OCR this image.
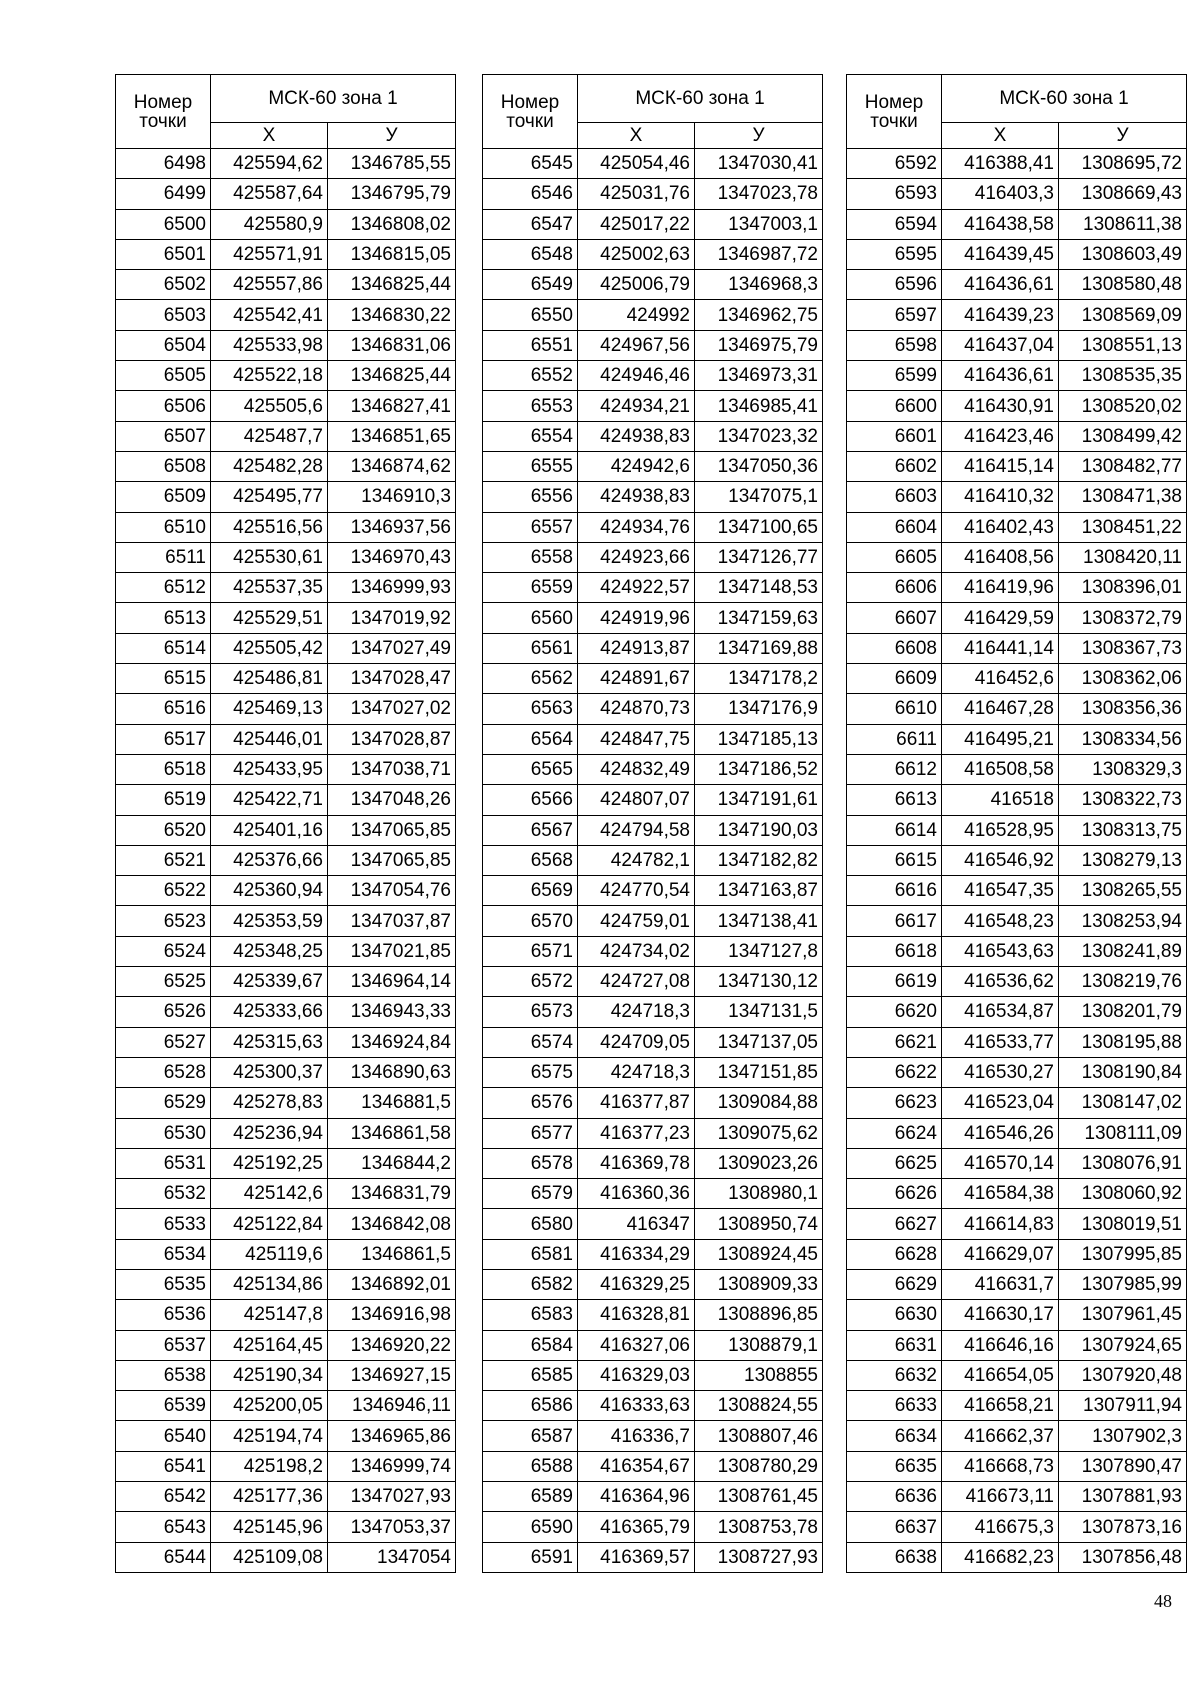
Номер точки	МСК-60 зона 1	
	Х	У
6498	425594,62	1346785,55
6499	425587,64	1346795,79
6500	425580,9	1346808,02
6501	425571,91	1346815,05
6502	425557,86	1346825,44
6503	425542,41	1346830,22
6504	425533,98	1346831,06
6505	425522,18	1346825,44
6506	425505,6	1346827,41
6507	425487,7	1346851,65
6508	425482,28	1346874,62
6509	425495,77	1346910,3
6510	425516,56	1346937,56
6511	425530,61	1346970,43
6512	425537,35	1346999,93
6513	425529,51	1347019,92
6514	425505,42	1347027,49
6515	425486,81	1347028,47
6516	425469,13	1347027,02
6517	425446,01	1347028,87
6518	425433,95	1347038,71
6519	425422,71	1347048,26
6520	425401,16	1347065,85
6521	425376,66	1347065,85
6522	425360,94	1347054,76
6523	425353,59	1347037,87
6524	425348,25	1347021,85
6525	425339,67	1346964,14
6526	425333,66	1346943,33
6527	425315,63	1346924,84
6528	425300,37	1346890,63
6529	425278,83	1346881,5
6530	425236,94	1346861,58
6531	425192,25	1346844,2
6532	425142,6	1346831,79
6533	425122,84	1346842,08
6534	425119,6	1346861,5
6535	425134,86	1346892,01
6536	425147,8	1346916,98
6537	425164,45	1346920,22
6538	425190,34	1346927,15
6539	425200,05	1346946,11
6540	425194,74	1346965,86
6541	425198,2	1346999,74
6542	425177,36	1347027,93
6543	425145,96	1347053,37
6544	425109,08	1347054
Номер точки	МСК-60 зона 1	
	Х	У
6545	425054,46	1347030,41
6546	425031,76	1347023,78
6547	425017,22	1347003,1
6548	425002,63	1346987,72
6549	425006,79	1346968,3
6550	424992	1346962,75
6551	424967,56	1346975,79
6552	424946,46	1346973,31
6553	424934,21	1346985,41
6554	424938,83	1347023,32
6555	424942,6	1347050,36
6556	424938,83	1347075,1
6557	424934,76	1347100,65
6558	424923,66	1347126,77
6559	424922,57	1347148,53
6560	424919,96	1347159,63
6561	424913,87	1347169,88
6562	424891,67	1347178,2
6563	424870,73	1347176,9
6564	424847,75	1347185,13
6565	424832,49	1347186,52
6566	424807,07	1347191,61
6567	424794,58	1347190,03
6568	424782,1	1347182,82
6569	424770,54	1347163,87
6570	424759,01	1347138,41
6571	424734,02	1347127,8
6572	424727,08	1347130,12
6573	424718,3	1347131,5
6574	424709,05	1347137,05
6575	424718,3	1347151,85
6576	416377,87	1309084,88
6577	416377,23	1309075,62
6578	416369,78	1309023,26
6579	416360,36	1308980,1
6580	416347	1308950,74
6581	416334,29	1308924,45
6582	416329,25	1308909,33
6583	416328,81	1308896,85
6584	416327,06	1308879,1
6585	416329,03	1308855
6586	416333,63	1308824,55
6587	416336,7	1308807,46
6588	416354,67	1308780,29
6589	416364,96	1308761,45
6590	416365,79	1308753,78
6591	416369,57	1308727,93
Номер точки	МСК-60 зона 1	
	Х	У
6592	416388,41	1308695,72
6593	416403,3	1308669,43
6594	416438,58	1308611,38
6595	416439,45	1308603,49
6596	416436,61	1308580,48
6597	416439,23	1308569,09
6598	416437,04	1308551,13
6599	416436,61	1308535,35
6600	416430,91	1308520,02
6601	416423,46	1308499,42
6602	416415,14	1308482,77
6603	416410,32	1308471,38
6604	416402,43	1308451,22
6605	416408,56	1308420,11
6606	416419,96	1308396,01
6607	416429,59	1308372,79
6608	416441,14	1308367,73
6609	416452,6	1308362,06
6610	416467,28	1308356,36
6611	416495,21	1308334,56
6612	416508,58	1308329,3
6613	416518	1308322,73
6614	416528,95	1308313,75
6615	416546,92	1308279,13
6616	416547,35	1308265,55
6617	416548,23	1308253,94
6618	416543,63	1308241,89
6619	416536,62	1308219,76
6620	416534,87	1308201,79
6621	416533,77	1308195,88
6622	416530,27	1308190,84
6623	416523,04	1308147,02
6624	416546,26	1308111,09
6625	416570,14	1308076,91
6626	416584,38	1308060,92
6627	416614,83	1308019,51
6628	416629,07	1307995,85
6629	416631,7	1307985,99
6630	416630,17	1307961,45
6631	416646,16	1307924,65
6632	416654,05	1307920,48
6633	416658,21	1307911,94
6634	416662,37	1307902,3
6635	416668,73	1307890,47
6636	416673,11	1307881,93
6637	416675,3	1307873,16
6638	416682,23	1307856,48
48
